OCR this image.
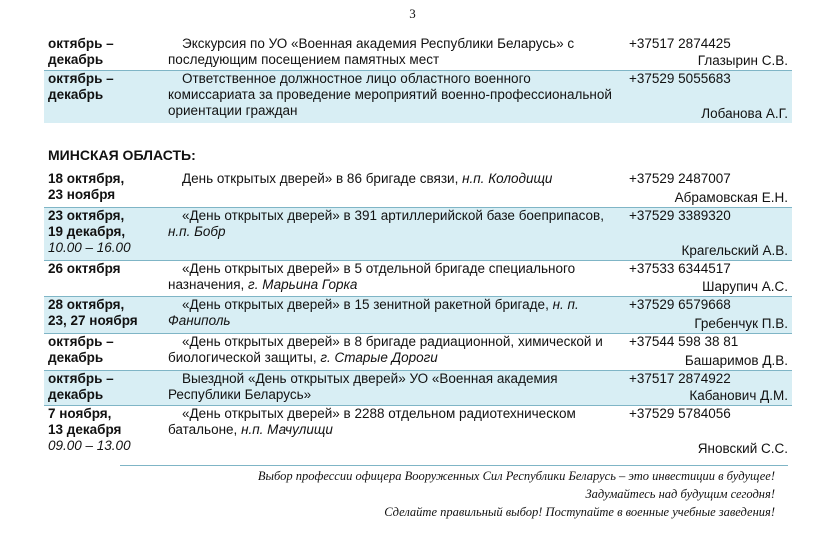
3
октябрь –
декабрь
Экскурсия по УО «Военная академия Республики Беларусь» с последующим посещением памятных мест
+37517 2874425
Глазырин С.В.
октябрь –
декабрь
Ответственное должностное лицо областного военного комиссариата за проведение мероприятий военно-профессиональной ориентации граждан
+37529 5055683
Лобанова А.Г.
МИНСКАЯ ОБЛАСТЬ:
18 октября,
23 ноября
День открытых дверей» в 86 бригаде связи, н.п. Колодищи	+37529 2487007
Абрамовская Е.Н.
23 октября,
19 декабря,
10.00 – 16.00
«День открытых дверей» в 391 артиллерийской базе боеприпасов, н.п. Бобр
+37529 3389320
Крагельский А.В.
26 октября	«День открытых дверей» в 5 отдельной бригаде специального назначения, г. Марьина Горка
+37533 6344517
Шарупич А.С.
28 октября,
23, 27 ноября
«День открытых дверей» в 15 зенитной ракетной бригаде, н. п. Фаниполь
+37529 6579668
Гребенчук П.В.
октябрь –
декабрь
«День открытых дверей» в 8 бригаде радиационной, химической и биологической защиты, г. Старые Дороги
+37544 598 38 81
Башаримов Д.В.
октябрь –
декабрь
Выездной «День открытых дверей» УО «Военная академия Республики Беларусь»
+37517 2874922
Кабанович Д.М.
7 ноября,
13 декабря
09.00 – 13.00
«День открытых дверей» в 2288 отдельном радиотехническом батальоне, н.п. Мачулищи
+37529 5784056
Яновский С.С.
Выбор профессии офицера Вооруженных Сил Республики Беларусь – это инвестиции в будущее!
Задумайтесь над будущим сегодня!
Сделайте правильный выбор! Поступайте в военные учебные заведения!
